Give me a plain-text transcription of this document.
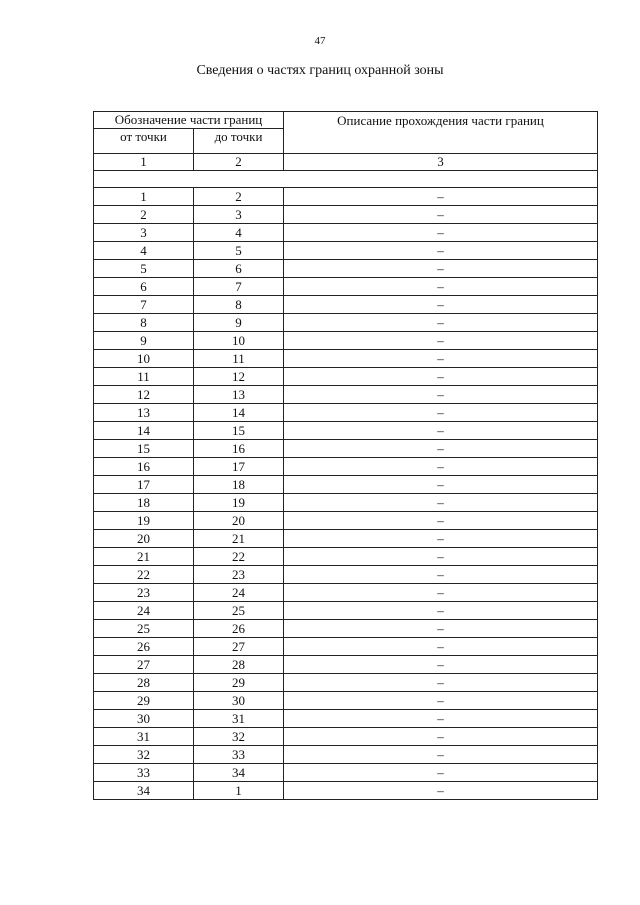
47
Сведения о частях границ охранной зоны
Обозначение части границ		Описание прохождения части границ
от точки	до точки	
1	2	3

1	2	–
2	3	–
3	4	–
4	5	–
5	6	–
6	7	–
7	8	–
8	9	–
9	10	–
10	11	–
11	12	–
12	13	–
13	14	–
14	15	–
15	16	–
16	17	–
17	18	–
18	19	–
19	20	–
20	21	–
21	22	–
22	23	–
23	24	–
24	25	–
25	26	–
26	27	–
27	28	–
28	29	–
29	30	–
30	31	–
31	32	–
32	33	–
33	34	–
34	1	–
